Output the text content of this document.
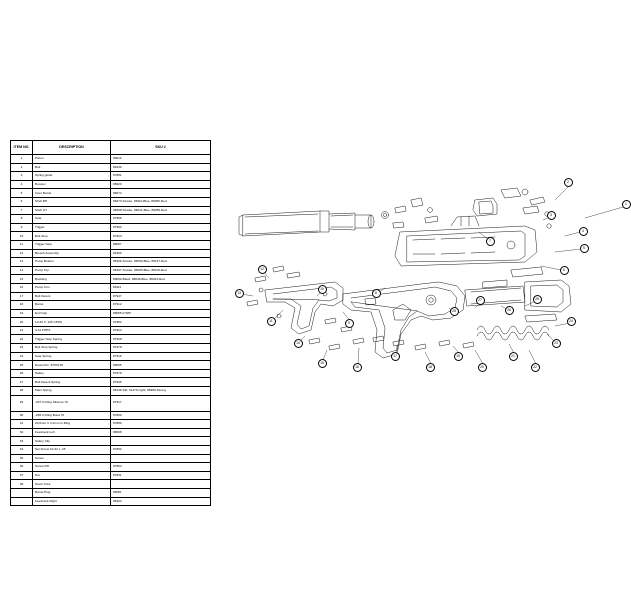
ITEM NO.	DESCRIPTION	SKU #
1	Piston	88012
2	Bolt	88139
3	Spring guide	87881
4	Bumper	88029
5	Inner Barrel	88074
6	Shell RH	88273-Smoke, 88110-Blue, 88255-Red
7	Shell LH	88258-Smoke, 88241-Blue, 88256-Red
8	Sear	87958
9	Trigger	87962
10	Bolt Stop	87923
11	Trigger Stop	88067
12	Breech Assembly	81999
13	Pump Bottom	88106-Smoke, 88159-Blue, 88147-Red
14	Pump Top	88197-Smoke, 88180-Blue, 88119-Red
15	Buckling	88050-Black, 88036-Blue, 88043-Red
16	Pump Arm	88111
17	Bolt Detent	87947
18	Barrel	87912
19	End Cap	88055-0.505"
20	10-32 X .125 CPSS	87982
21	4-41 FHPS	87924
22	Trigger Stop Spring	87928
23	Bolt Stop Spring	87978
24	Sear Spring	87916
25	Dowel Pin .875X125	88005
26	Safety	87978
27	Bolt Detent Spring	87935
28	Main Spring	88135-Std, 91470-Light, 86988-Strong
29	-007 O-Ring Silicone 70	87917
30	-065 O-Ring Buna 70	87800
31	20.6mm X 2.4mm O-Ring	87886
32	Feedneck Left	88098
33	Safety Clip	
34	Set Screw 10-32 x .25	87862
35	Screw	
36	Screw RH	87894
37	Nut	87831
38	Stock Tube	
	Barrel Plug	88081
	Feedneck Right	88104
1
2
3
4
5
6
7
8
9
10
11
12
13
14
15
16
17
18
19
20
21
22
23
24
25
26
27
28
